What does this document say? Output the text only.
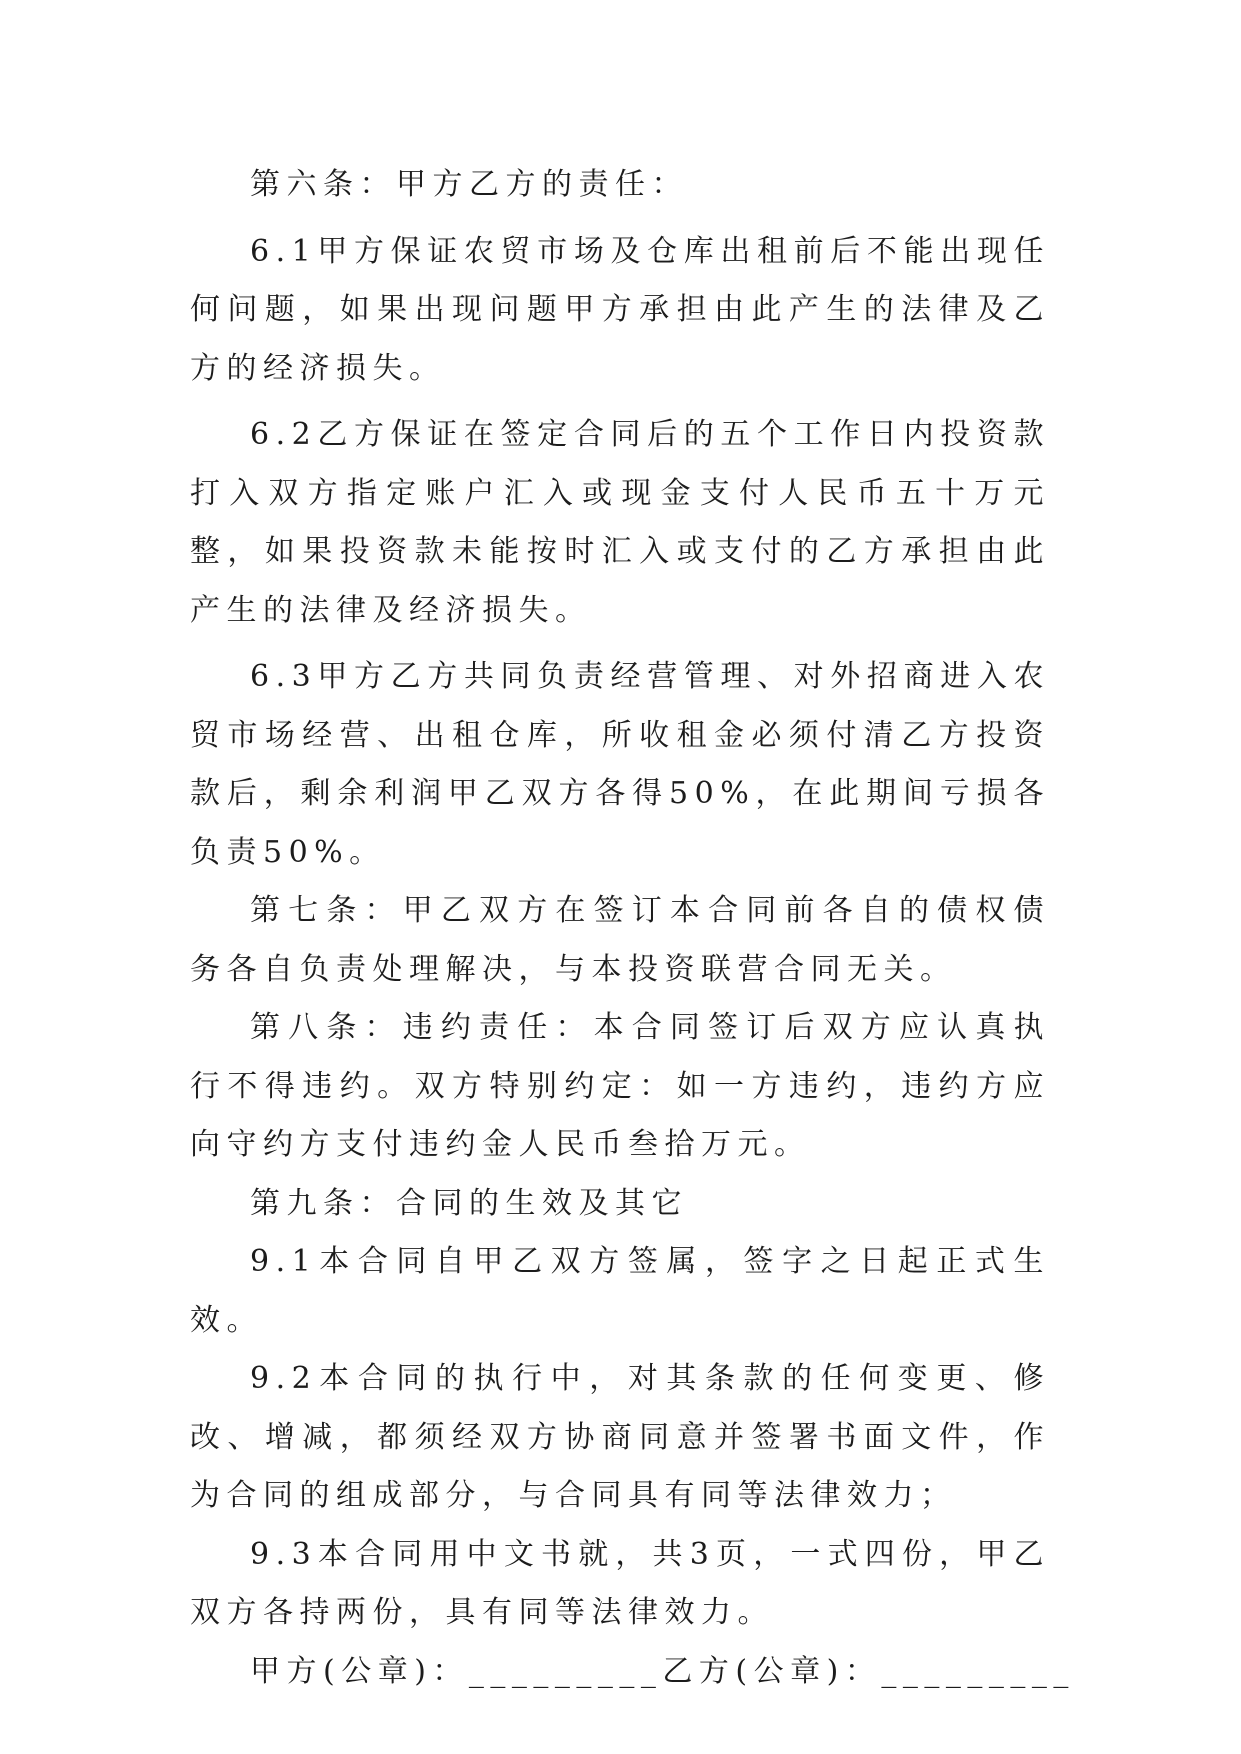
第六条：甲方乙方的责任：

6.1甲方保证农贸市场及仓库出租前后不能出现任何问题，如果出现问题甲方承担由此产生的法律及乙方的经济损失。

6.2乙方保证在签定合同后的五个工作日内投资款打入双方指定账户汇入或现金支付人民币五十万元整，如果投资款未能按时汇入或支付的乙方承担由此产生的法律及经济损失。

6.3甲方乙方共同负责经营管理、对外招商进入农贸市场经营、出租仓库，所收租金必须付清乙方投资款后，剩余利润甲乙双方各得50%，在此期间亏损各负责50%。

第七条：甲乙双方在签订本合同前各自的债权债务各自负责处理解决，与本投资联营合同无关。

第八条：违约责任：本合同签订后双方应认真执行不得违约。双方特别约定：如一方违约，违约方应向守约方支付违约金人民币叁拾万元。

第九条：合同的生效及其它

9.1本合同自甲乙双方签属，签字之日起正式生效。

9.2本合同的执行中，对其条款的任何变更、修改、增减，都须经双方协商同意并签署书面文件，作为合同的组成部分，与合同具有同等法律效力；

9.3本合同用中文书就，共3页，一式四份，甲乙双方各持两份，具有同等法律效力。

甲方(公章)：_________乙方(公章)：_________
